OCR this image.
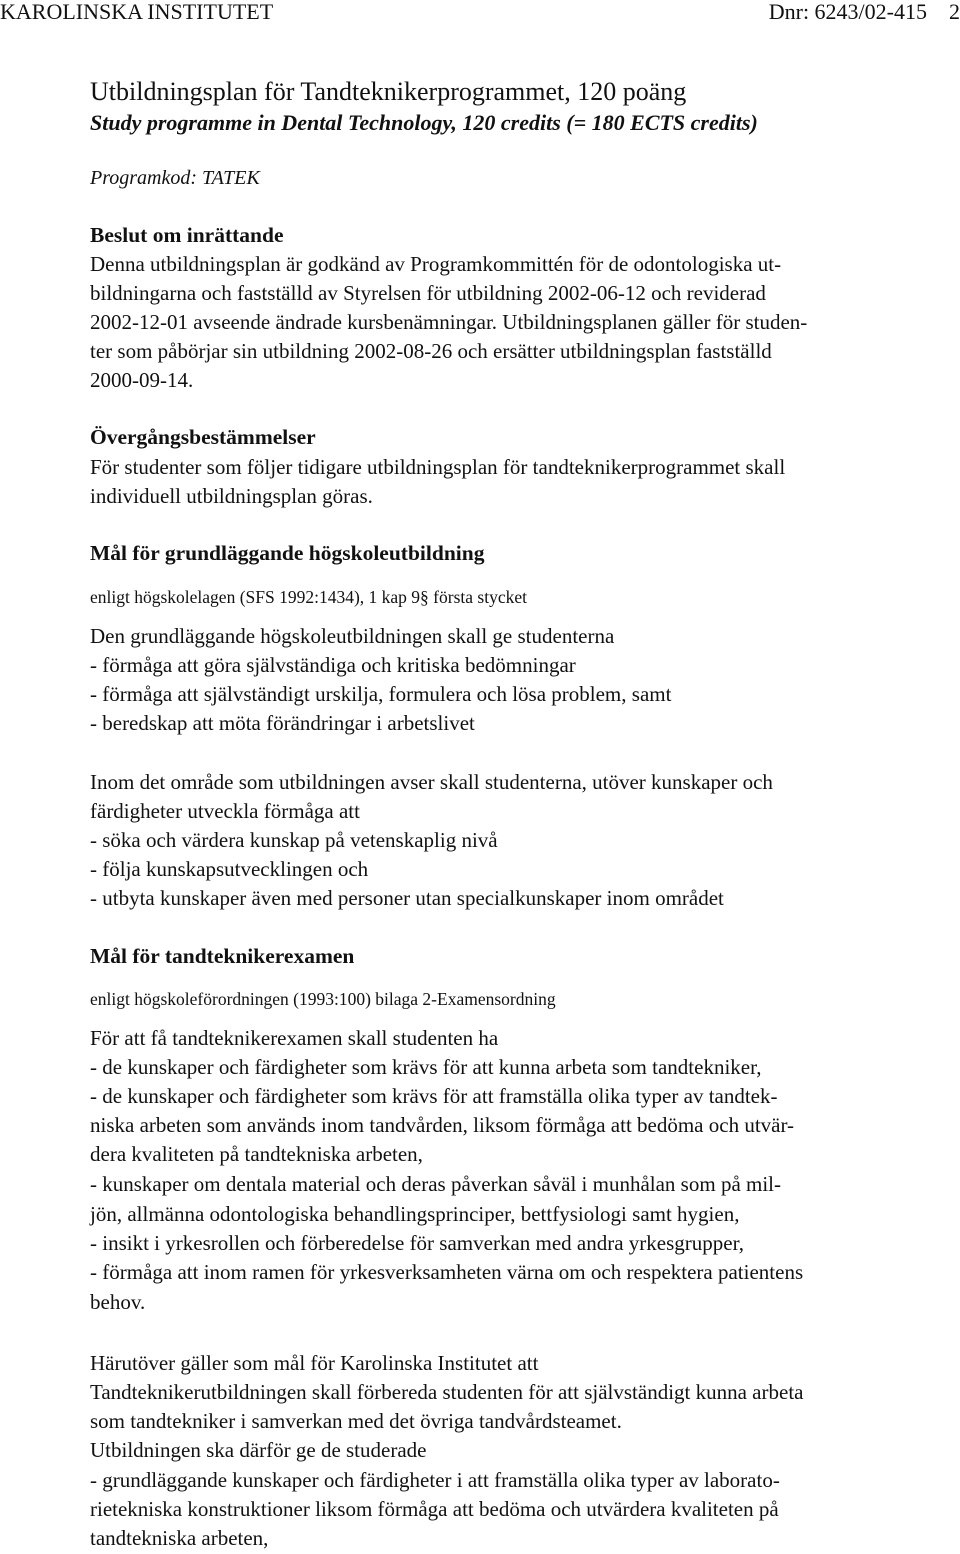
KAROLINSKA INSTITUTET	Dnr: 6243/02-415 2
Utbildningsplan för Tandteknikerprogrammet, 120 poäng
Study programme in Dental Technology, 120 credits (= 180 ECTS credits)
Programkod: TATEK
Beslut om inrättande
Denna utbildningsplan är godkänd av Programkommittén för de odontologiska ut-
bildningarna och fastställd av Styrelsen för utbildning 2002-06-12 och reviderad
2002-12-01 avseende ändrade kursbenämningar. Utbildningsplanen gäller för studen-
ter som påbörjar sin utbildning 2002-08-26 och ersätter utbildningsplan fastställd
2000-09-14.
Övergångsbestämmelser
För studenter som följer tidigare utbildningsplan för tandteknikerprogrammet skall
individuell utbildningsplan göras.
Mål för grundläggande högskoleutbildning
enligt högskolelagen (SFS 1992:1434), 1 kap 9§ första stycket
Den grundläggande högskoleutbildningen skall ge studenterna
- förmåga att göra självständiga och kritiska bedömningar
- förmåga att självständigt urskilja, formulera och lösa problem, samt
- beredskap att möta förändringar i arbetslivet
Inom det område som utbildningen avser skall studenterna, utöver kunskaper och
färdigheter utveckla förmåga att
- söka och värdera kunskap på vetenskaplig nivå
- följa kunskapsutvecklingen och
- utbyta kunskaper även med personer utan specialkunskaper inom området
Mål för tandteknikerexamen
enligt högskoleförordningen (1993:100) bilaga 2-Examensordning
För att få tandteknikerexamen skall studenten ha
- de kunskaper och färdigheter som krävs för att kunna arbeta som tandtekniker,
- de kunskaper och färdigheter som krävs för att framställa olika typer av tandtek-
niska arbeten som används inom tandvården, liksom förmåga att bedöma och utvär-
dera kvaliteten på tandtekniska arbeten,
- kunskaper om dentala material och deras påverkan såväl i munhålan som på mil-
jön, allmänna odontologiska behandlingsprinciper, bettfysiologi samt hygien,
- insikt i yrkesrollen och förberedelse för samverkan med andra yrkesgrupper,
- förmåga att inom ramen för yrkesverksamheten värna om och respektera patientens
behov.
Härutöver gäller som mål för Karolinska Institutet att
Tandteknikerutbildningen skall förbereda studenten för att självständigt kunna arbeta
som tandtekniker i samverkan med det övriga tandvårdsteamet.
Utbildningen ska därför ge de studerade
- grundläggande kunskaper och färdigheter i att framställa olika typer av laborato-
rietekniska konstruktioner liksom förmåga att bedöma och utvärdera kvaliteten på
tandtekniska arbeten,
